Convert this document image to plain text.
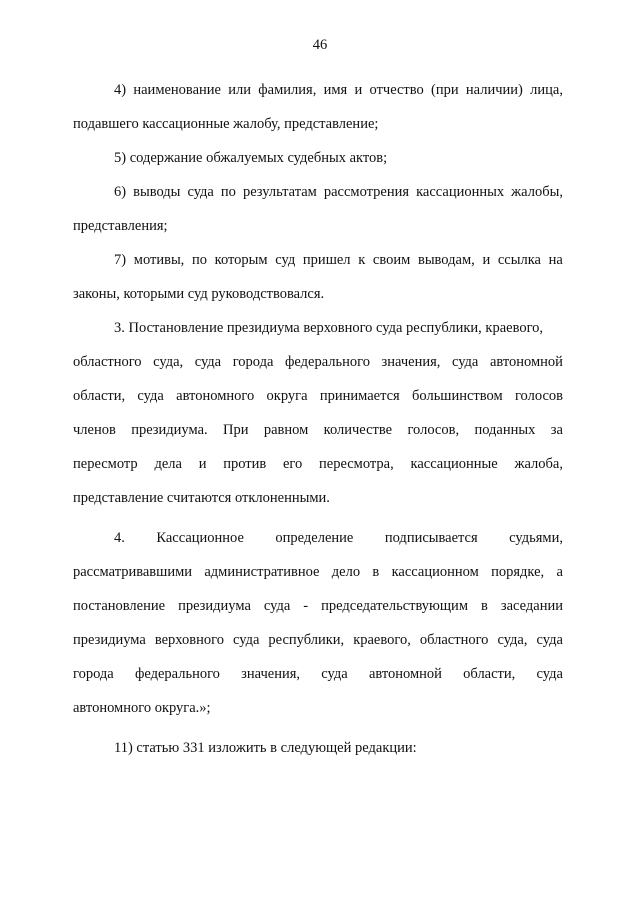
46
4) наименование или фамилия, имя и отчество (при наличии) лица,
подавшего кассационные жалобу, представление;
5) содержание обжалуемых судебных актов;
6) выводы суда по результатам рассмотрения кассационных жалобы,
представления;
7) мотивы, по которым суд пришел к своим выводам, и ссылка на
законы, которыми суд руководствовался.
3. Постановление президиума верховного суда республики, краевого,
областного суда, суда города федерального значения, суда автономной
области, суда автономного округа принимается большинством голосов
членов президиума. При равном количестве голосов, поданных за
пересмотр дела и против его пересмотра, кассационные жалоба,
представление считаются отклоненными.
4. Кассационное определение подписывается судьями,
рассматривавшими административное дело в кассационном порядке, а
постановление президиума суда - председательствующим в заседании
президиума верховного суда республики, краевого, областного суда, суда
города федерального значения, суда автономной области, суда
автономного округа.»;
11) статью 331 изложить в следующей редакции:
